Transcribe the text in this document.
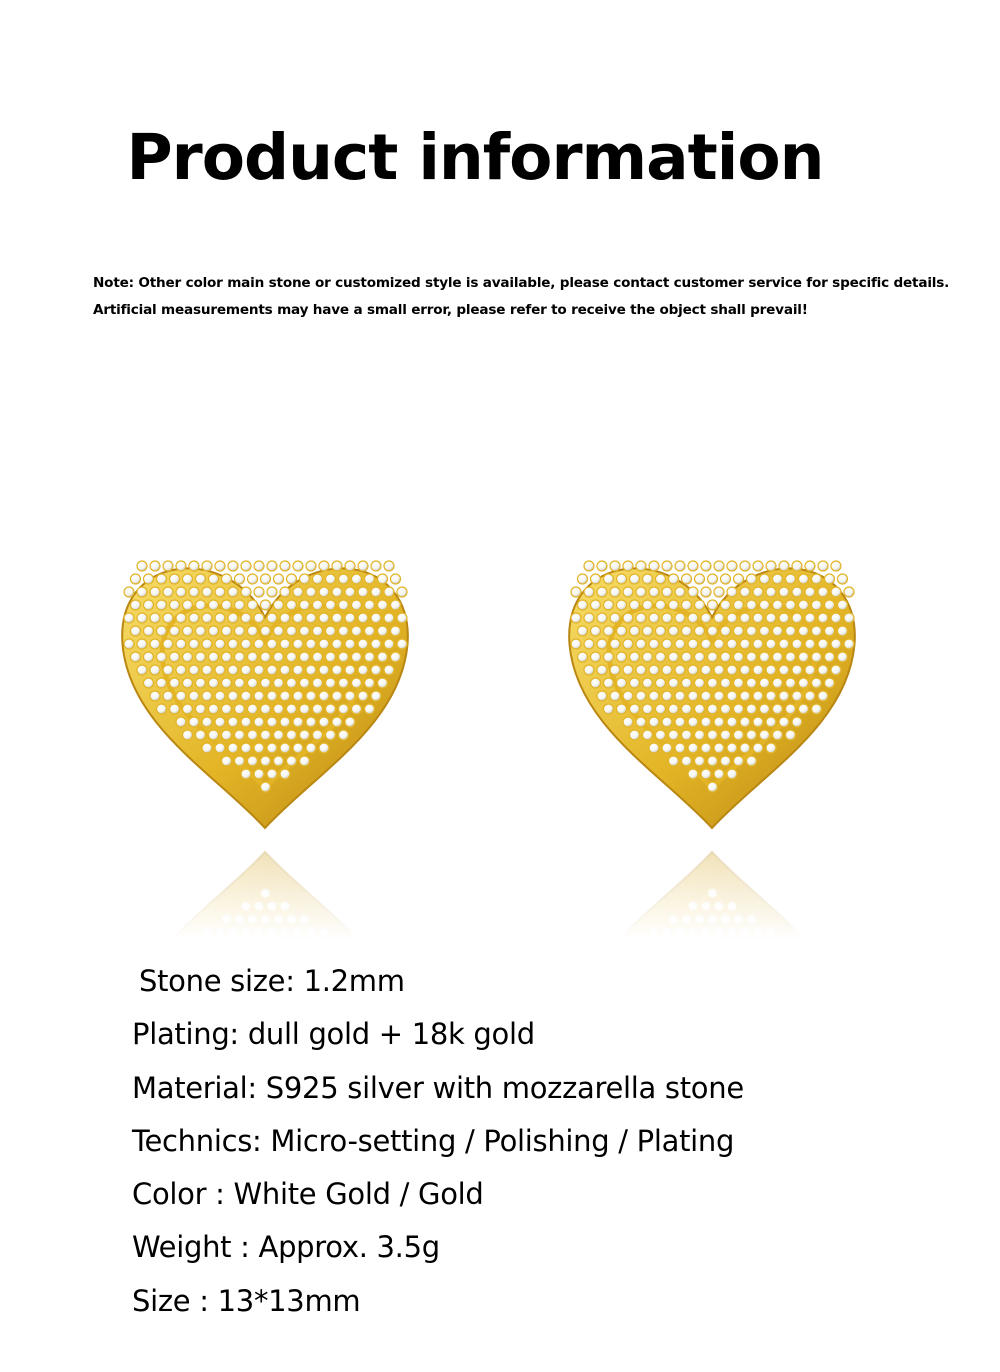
Product information
Note: Other color main stone or customized style is available, please contact customer service for specific details.
Artificial measurements may have a small error, please refer to receive the object shall prevail!
Stone size: 1.2mm
Plating: dull gold + 18k gold
Material: S925 silver with mozzarella stone
Technics: Micro-setting / Polishing / Plating
Color : White Gold / Gold
Weight : Approx. 3.5g
Size : 13*13mm
